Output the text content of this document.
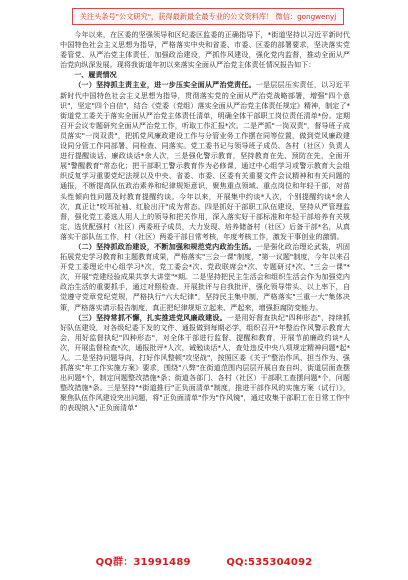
关注头条号"公文研究"，获得最新最全最专业的公文资料库！ 微信：gongwenyj

今年以来，在区委的坚强领导和区纪委区监委的正确指导下，*街道坚持以习近平新时代中国特色社会主义思想为指导，严格落实中央和省委、市委、区委的部署要求，坚决落实党委管党、从严治党主体责任，加强政治建设，严抓作风建设，强化党内监督，推动全面从严治党向纵深发展。现将我街道年初以来落实全面从严治党主体责任情况报告如下：

一、履责情况

（一）坚持抓主责主业，进一步压实全面从严治党责任。一是层层压实责任，以习近平新时代中国特色社会主义思想为指导，贯彻落实党的全面从严治党战略部署，增强"四个意识"，坚定"四个自信"，结合《党委（党组）落实全面从严治党主体责任规定》精神，制定了*街道党工委关于落实全面从严治党主体责任清单，明确全体干部职工岗位责任清单*份。定期召开会议专题研究全面从严治党工作，听取工作汇报*次。二是严抓"一岗双责"，督导班子成员落实"一岗双责"，把抓党风廉政建设工作与分管业务工作摆在同等位置，做到党风廉政建设同分管工作同部署、同检查、同落实。党工委书记与领导班子成员、各村（社区）负责人进行提醒谈话、廉政谈话*余人次，三是强化警示教育，坚持教育在先、预防在先，全面开展"警醒教育"常态化；把干部职工警示教育作为必修课，通过中心组学习或警示教育大会组织反复学习重要党纪法规以及中央、省委、市委、区委有关重要文件会议精神和有关问题的通报，不断提高队伍政治素养和纪律规矩意识，聚焦重点领域、重点岗位和年轻干部，对苗头性倾向性问题及时教育提醒约谈。今年以来，开展集中约谈*人次，个别提醒约谈*余人次，真正让"咬耳扯袖、红脸出汗"成为常态。四是抓好干部职工队伍建设，坚持从严管理监督，强化党工委选人用人上的领导和把关作用，深入落实好干部标准和年轻干部培养有关规定，选优配强村（社区）两委班子成员，大力发现、培养储备村（社区）后备干部*名，从真落实干部队伍工作，村（社区）两委干部日常考核，年度考核工作，激发干事创业的激情。

（二）坚持抓政治建设，不断加强和规范党内政治生活。一是强化政治理论武装，巩固拓展党史学习教育和主题教育成果，严格落实"三会一课"制度，"第一议题"制度，今年以来召开党工委理论中心组学习*次，党工委会*次、党政联席会*次、专题研讨*次、"三会一课"*次，开展"党建经验成果共享大讲堂"*期。二是坚持把民主生活会和组织生活会作为加强党内政治生活的重要抓手，通过对照检查、开展批评与自我批评，强化领导带头、以上率下，自觉遵守党章党纪党规，严格执行"六大纪律"，坚持民主集中制，严格落实"三重一大"集体决策，严格落实请示报告制度，真正把纪律规矩立起来、严起来，增强拒腐防变能力。

（三）坚持常抓不懈，扎实推进党风廉政建设。一是用好督查执纪"四种形态"，持续抓好队伍建设，对各级纪委下发的文件、通报做到每期必学，组织召开*年整治作风警示教育大会，用好监督执纪"四种形态"，对全体干部进行监督、提醒和教育，开展节前廉政约谈*人次，开展监督检查*次，通报批评*人次，诫勉谈话*人，查处违反中央八项规定精神问题*起*人。二是坚持问题导向，打好作风整顿"攻坚战"，按照区委《关于"整治作风、担当作为、强抓落实"年工作实施方案》要求，围绕"八弊"在街道范围内层层开展自查自纠，街道层面查摆出问题*个，制定问题整改措施*条；街道各部门、各村（社区）干部职工查摆问题*个，问题整改措施*条。三是坚持"*街道推行"正负面清单"制度，推进干部作风的实施方案（试行）》，聚焦队伍作风建设突出问题，将"正负面清单"作为"作风镜"，通过收集干部职工在日常工作中的表现纳入"正负面清单"

QQ群：31991489	QQ:535304092
